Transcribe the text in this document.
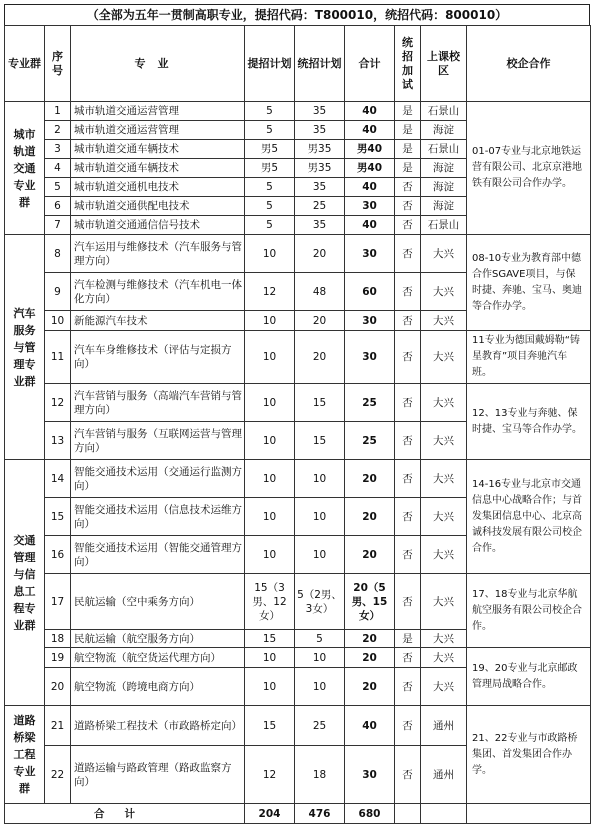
（全部为五年一贯制高职专业，提招代码：T800010，统招代码：800010）
专业群	序号	专业	提招计划	统招计划	合计	统招加试	上课校区	校企合作
城市轨道交通专业群	1	城市轨道交通运营管理	5	35	40	是	石景山	01-07专业与北京地铁运营有限公司、北京京港地铁有限公司合作办学。
	2	城市轨道交通运营管理	5	35	40	是	海淀	
	3	城市轨道交通车辆技术	男5	男35	男40	是	石景山	
	4	城市轨道交通车辆技术	男5	男35	男40	是	海淀	
	5	城市轨道交通机电技术	5	35	40	否	海淀	
	6	城市轨道交通供配电技术	5	25	30	否	海淀	
	7	城市轨道交通通信信号技术	5	35	40	否	石景山	
汽车服务与管理专业群	8	汽车运用与维修技术（汽车服务与管理方向）	10	20	30	否	大兴	08-10专业为教育部中德合作SGAVE项目，与保时捷、奔驰、宝马、奥迪等合作办学。
	9	汽车检测与维修技术（汽车机电一体化方向）	12	48	60	否	大兴	
	10	新能源汽车技术	10	20	30	否	大兴	
	11	汽车车身维修技术（评估与定损方向）	10	20	30	否	大兴	11专业为德国戴姆勒“铸星教育”项目奔驰汽车班。
	12	汽车营销与服务（高端汽车营销与管理方向）	10	15	25	否	大兴	12、13专业与奔驰、保时捷、宝马等合作办学。
	13	汽车营销与服务（互联网运营与管理方向）	10	15	25	否	大兴	
交通管理与信息工程专业群	14	智能交通技术运用（交通运行监测方向）	10	10	20	否	大兴	14-16专业与北京市交通信息中心战略合作；与首发集团信息中心、北京高诚科技发展有限公司校企合作。
	15	智能交通技术运用（信息技术运维方向）	10	10	20	否	大兴	
	16	智能交通技术运用（智能交通管理方向）	10	10	20	否	大兴	
	17	民航运输（空中乘务方向）	15（3男、12女）	5（2男、3女）	20（5男、15女）	否	大兴	17、18专业与北京华航航空服务有限公司校企合作。
	18	民航运输（航空服务方向）	15	5	20	是	大兴	
	19	航空物流（航空货运代理方向）	10	10	20	否	大兴	19、20专业与北京邮政管理局战略合作。
	20	航空物流（跨境电商方向）	10	10	20	否	大兴	
道路桥梁工程专业群	21	道路桥梁工程技术（市政路桥定向）	15	25	40	否	通州	21、22专业与市政路桥集团、首发集团合作办学。
	22	道路运输与路政管理（路政监察方向）	12	18	30	否	通州	
合计			204	476	680			
